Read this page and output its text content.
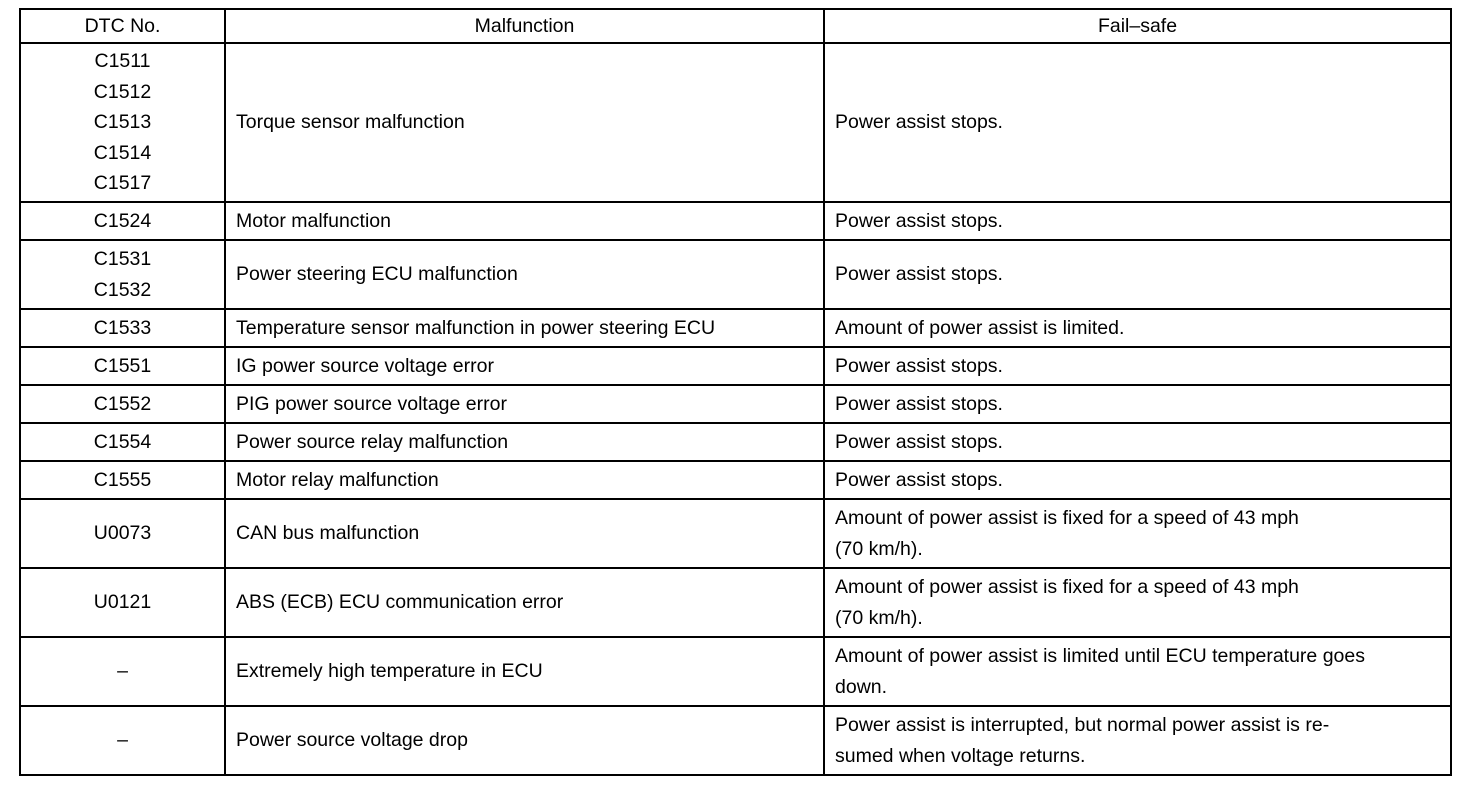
DTC No.	Malfunction	Fail–safe

C1511
C1512
C1513
C1514
C1517	Torque sensor malfunction	Power assist stops.

C1524	Motor malfunction	Power assist stops.

C1531
C1532	Power steering ECU malfunction	Power assist stops.

C1533	Temperature sensor malfunction in power steering ECU	Amount of power assist is limited.

C1551	IG power source voltage error	Power assist stops.

C1552	PIG power source voltage error	Power assist stops.

C1554	Power source relay malfunction	Power assist stops.

C1555	Motor relay malfunction	Power assist stops.

U0073	CAN bus malfunction	Amount of power assist is fixed for a speed of 43 mph
(70 km/h).

U0121	ABS (ECB) ECU communication error	Amount of power assist is fixed for a speed of 43 mph
(70 km/h).

–	Extremely high temperature in ECU	Amount of power assist is limited until ECU temperature goes
down.

–	Power source voltage drop	Power assist is interrupted, but normal power assist is re-
sumed when voltage returns.
